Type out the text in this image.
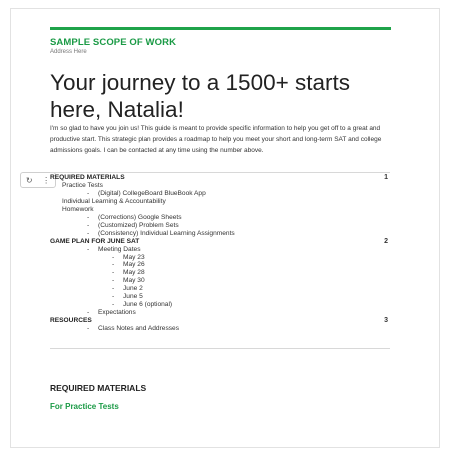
SAMPLE SCOPE OF WORK
Address Here
Your journey to a 1500+ starts here, Natalia!
I'm so glad to have you join us! This guide is meant to provide specific information to help you get off to a great and productive start. This strategic plan provides a roadmap to help you meet your short and long-term SAT and college admissions goals. I can be contacted at any time using the number above.
↻ ⋮ REQUIRED MATERIALS	1
Practice Tests
- (Digital) CollegeBoard BlueBook App
Individual Learning & Accountability
Homework
- (Corrections) Google Sheets
- (Customized) Problem Sets
- (Consistency) Individual Learning Assignments
GAME PLAN FOR JUNE SAT	2
- Meeting Dates
- May 23
- May 26
- May 28
- May 30
- June 2
- June 5
- June 6 (optional)
- Expectations
RESOURCES	3
- Class Notes and Addresses
REQUIRED MATERIALS
For Practice Tests
